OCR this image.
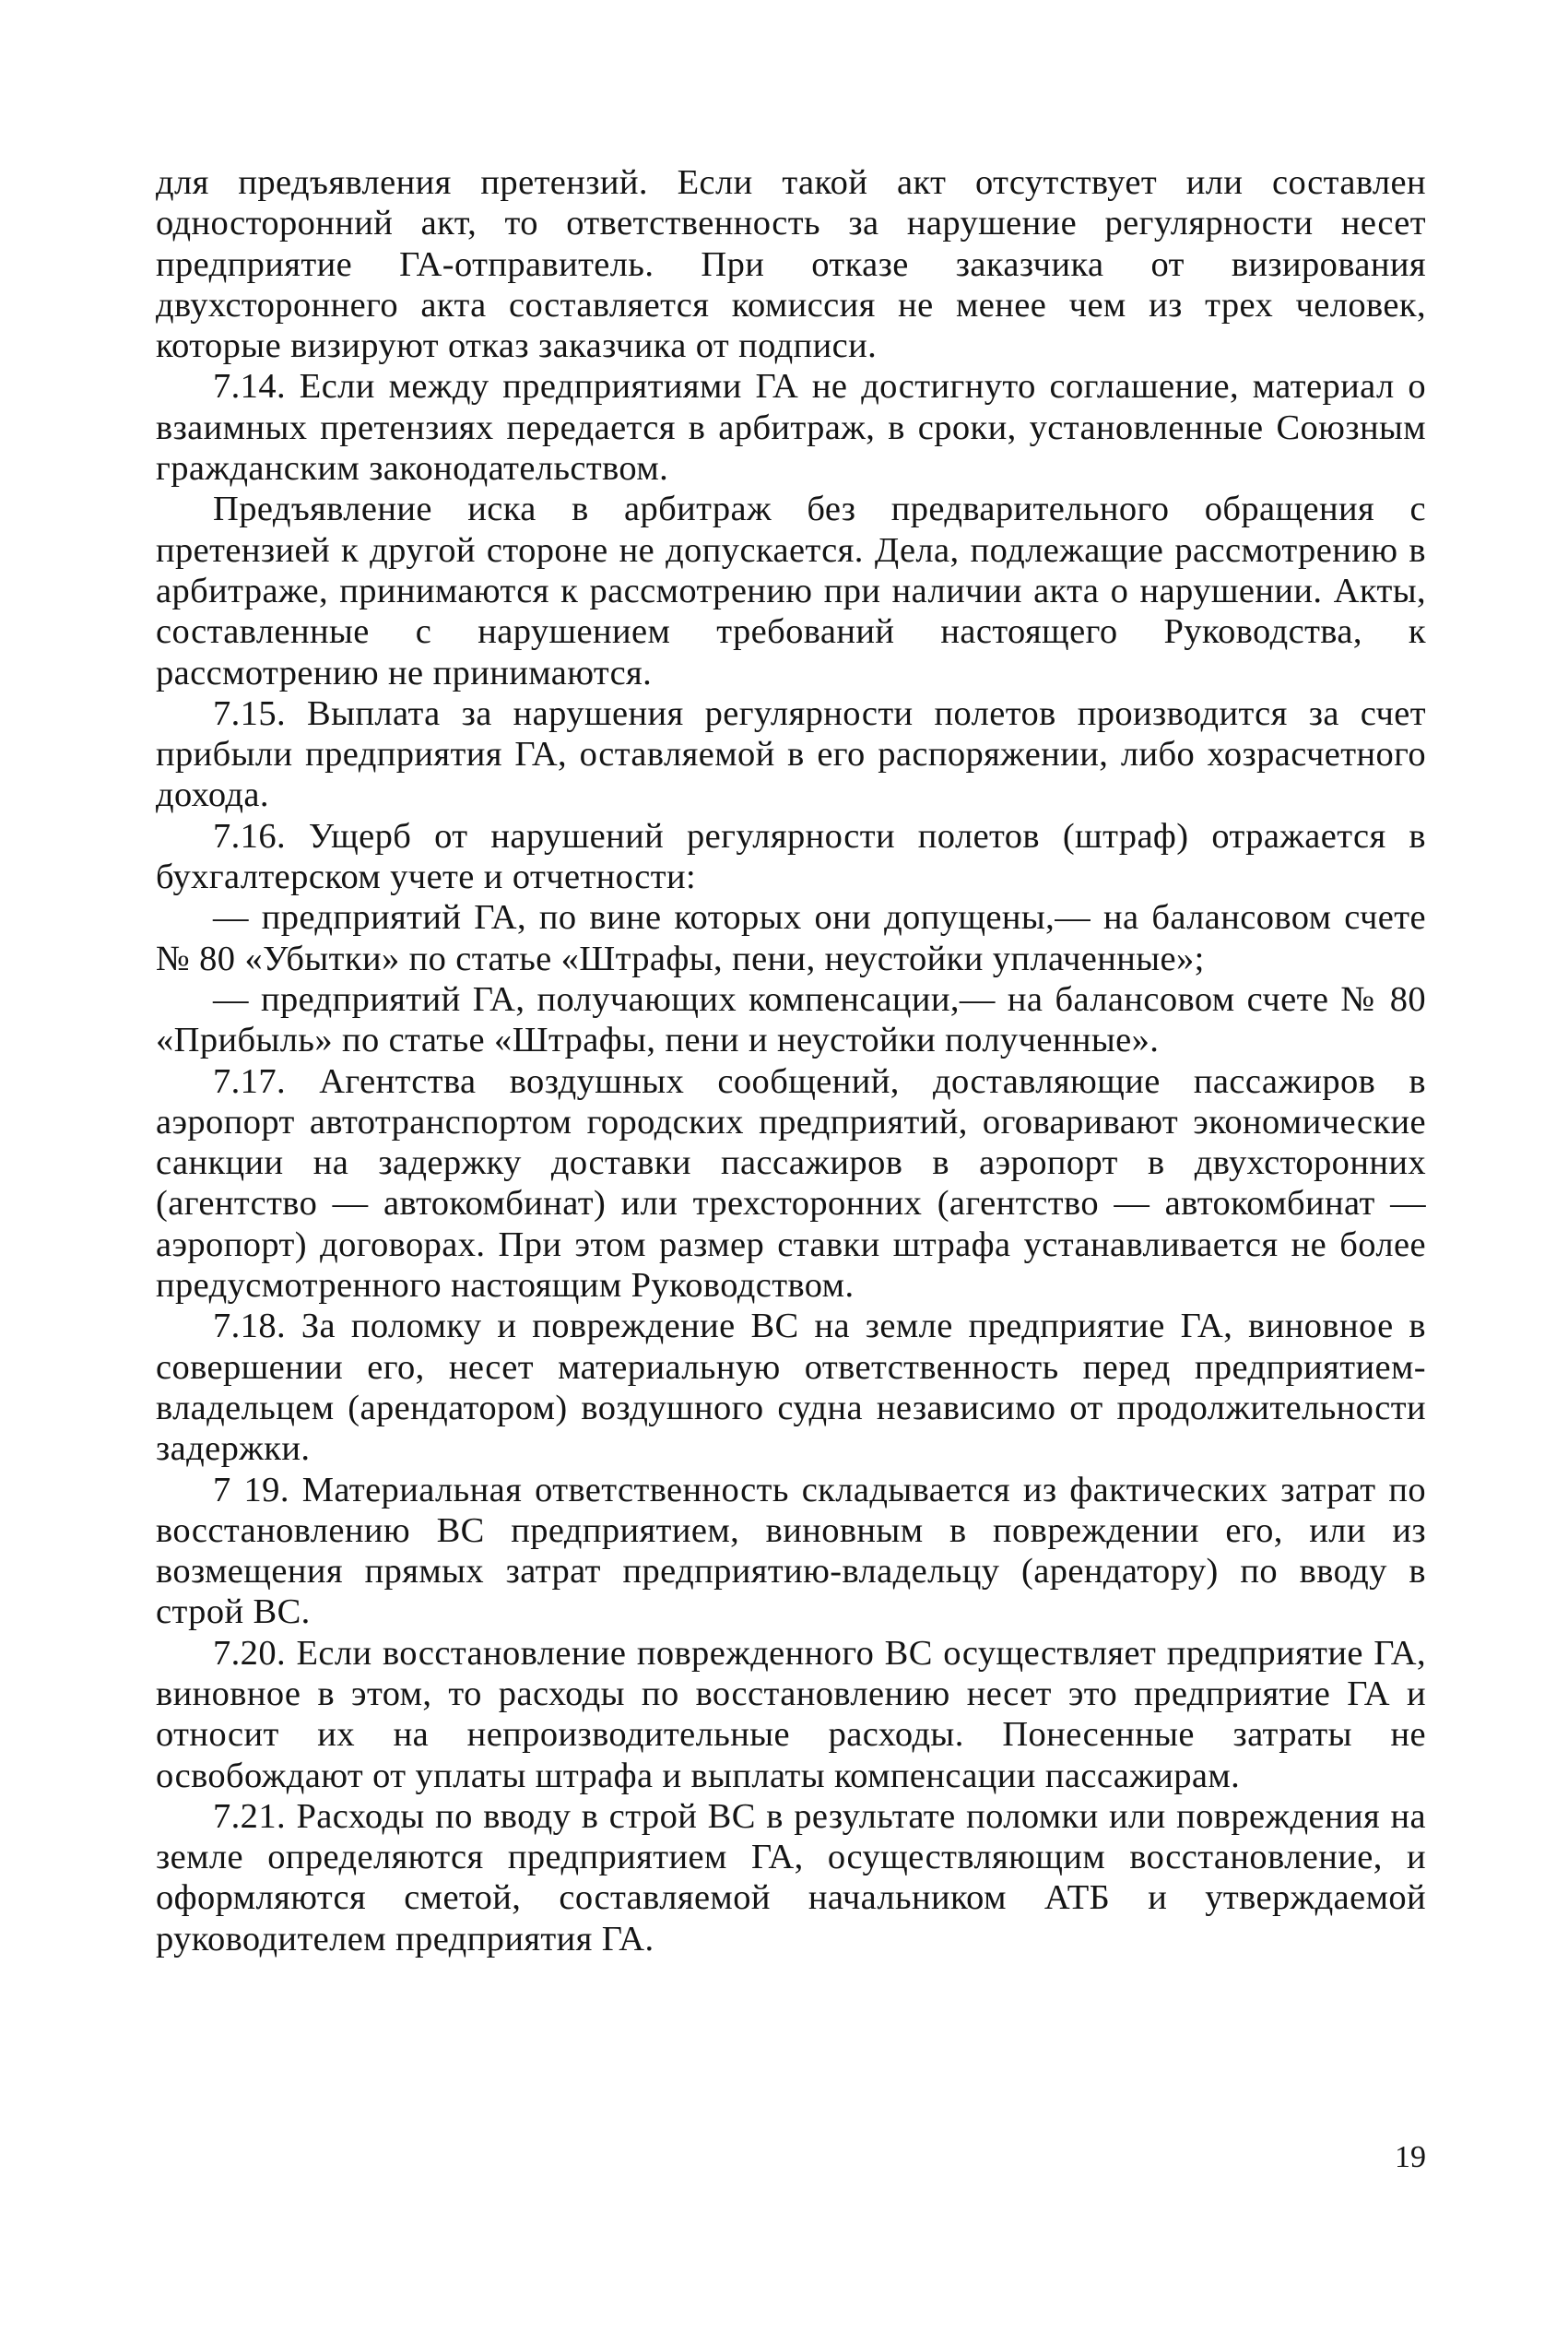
для предъявления претензий. Если такой акт отсутствует или составлен односторонний акт, то ответственность за нарушение регулярности несет предприятие ГА-отправитель. При отказе заказчика от визирования двухстороннего акта составляется комиссия не менее чем из трех человек, которые визируют отказ заказчика от подписи.

7.14. Если между предприятиями ГА не достигнуто соглашение, материал о взаимных претензиях передается в арбитраж, в сроки, установленные Союзным гражданским законодательством.

Предъявление иска в арбитраж без предварительного обращения с претензией к другой стороне не допускается. Дела, подлежащие рассмотрению в арбитраже, принимаются к рассмотрению при наличии акта о нарушении. Акты, составленные с нарушением требований настоящего Руководства, к рассмотрению не принимаются.

7.15. Выплата за нарушения регулярности полетов производится за счет прибыли предприятия ГА, оставляемой в его распоряжении, либо хозрасчетного дохода.

7.16. Ущерб от нарушений регулярности полетов (штраф) отражается в бухгалтерском учете и отчетности:

— предприятий ГА, по вине которых они допущены,— на балансовом счете № 80 «Убытки» по статье «Штрафы, пени, неустойки уплаченные»;

— предприятий ГА, получающих компенсации,— на балансовом счете № 80 «Прибыль» по статье «Штрафы, пени и неустойки полученные».

7.17. Агентства воздушных сообщений, доставляющие пассажиров в аэропорт автотранспортом городских предприятий, оговаривают экономические санкции на задержку доставки пассажиров в аэропорт в двухсторонних (агентство — автокомбинат) или трехсторонних (агентство — автокомбинат — аэропорт) договорах. При этом размер ставки штрафа устанавливается не более предусмотренного настоящим Руководством.

7.18. За поломку и повреждение ВС на земле предприятие ГА, виновное в совершении его, несет материальную ответственность перед предприятием-владельцем (арендатором) воздушного судна независимо от продолжительности задержки.

7 19. Материальная ответственность складывается из фактических затрат по восстановлению ВС предприятием, виновным в повреждении его, или из возмещения прямых затрат предприятию-владельцу (арендатору) по вводу в строй ВС.

7.20. Если восстановление поврежденного ВС осуществляет предприятие ГА, виновное в этом, то расходы по восстановлению несет это предприятие ГА и относит их на непроизводительные расходы. Понесенные затраты не освобождают от уплаты штрафа и выплаты компенсации пассажирам.

7.21. Расходы по вводу в строй ВС в результате поломки или повреждения на земле определяются предприятием ГА, осуществляющим восстановление, и оформляются сметой, составляемой начальником АТБ и утверждаемой руководителем предприятия ГА.

19
